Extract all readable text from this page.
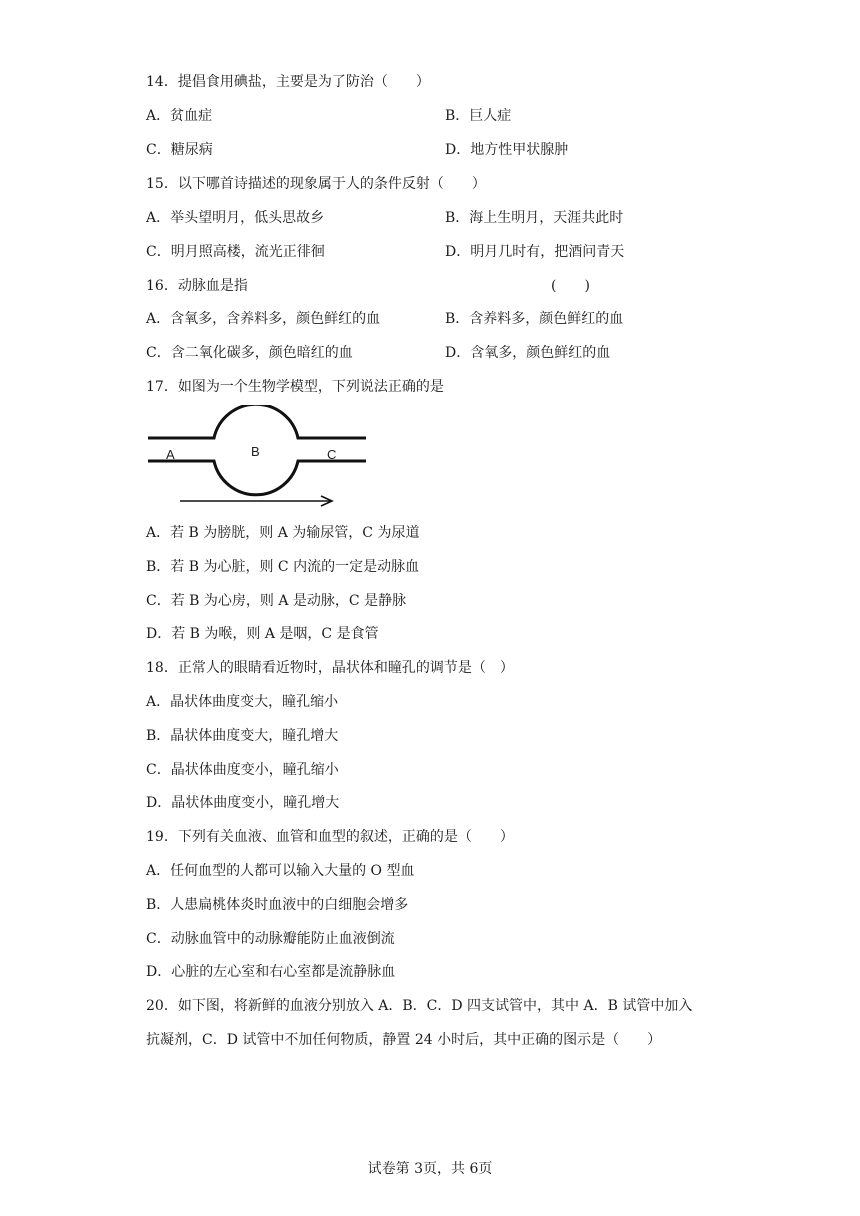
14．提倡食用碘盐，主要是为了防治（　　）
A．贫血症	B．巨人症
C．糖尿病	D．地方性甲状腺肿
15．以下哪首诗描述的现象属于人的条件反射（　　）
A．举头望明月，低头思故乡	B．海上生明月，天涯共此时
C．明月照高楼，流光正徘徊	D．明月几时有，把酒问青天
16．动脉血是指	(　　)
A．含氧多，含养料多，颜色鲜红的血	B．含养料多，颜色鲜红的血
C．含二氧化碳多，颜色暗红的血	D．含氧多，颜色鲜红的血
17．如图为一个生物学模型，下列说法正确的是
A	B	C
A．若 B 为膀胱，则 A 为输尿管，C 为尿道
B．若 B 为心脏，则 C 内流的一定是动脉血
C．若 B 为心房，则 A 是动脉，C 是静脉
D．若 B 为喉，则 A 是咽，C 是食管
18．正常人的眼睛看近物时，晶状体和瞳孔的调节是（　）
A．晶状体曲度变大，瞳孔缩小
B．晶状体曲度变大，瞳孔增大
C．晶状体曲度变小，瞳孔缩小
D．晶状体曲度变小，瞳孔增大
19．下列有关血液、血管和血型的叙述，正确的是（　　）
A．任何血型的人都可以输入大量的 O 型血
B．人患扁桃体炎时血液中的白细胞会增多
C．动脉血管中的动脉瓣能防止血液倒流
D．心脏的左心室和右心室都是流静脉血
20．如下图，将新鲜的血液分别放入 A．B．C．D 四支试管中，其中 A．B 试管中加入
抗凝剂，C．D 试管中不加任何物质，静置 24 小时后，其中正确的图示是（　　）
试卷第 3页，共 6页
